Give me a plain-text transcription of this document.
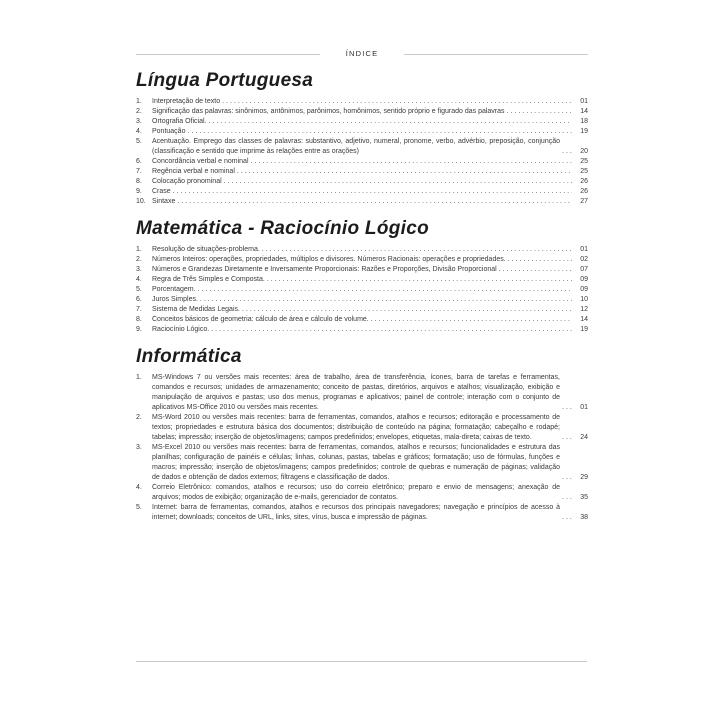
ÍNDICE
Língua Portuguesa
1.	Interpretação de texto .....	01
2.	Significação das palavras: sinônimos, antônimos, parônimos, homônimos, sentido próprio e figurado das palavras .....	14
3.	Ortografia Oficial. .....	18
4.	Pontuação .....	19
5.	Acentuação. Emprego das classes de palavras: substantivo, adjetivo, numeral, pronome, verbo, advérbio, preposição, conjunção (classificação e sentido que imprime às relações entre as orações) .....	20
6.	Concordância verbal e nominal .....	25
7.	Regência verbal e nominal .....	25
8.	Colocação pronominal .....	26
9.	Crase .....	26
10. Sintaxe .....	27
Matemática - Raciocínio Lógico
1.	Resolução de situações-problema. .....	01
2.	Números Inteiros: operações, propriedades, múltiplos e divisores. Números Racionais: operações e propriedades. .....	02
3.	Números e Grandezas Diretamente e Inversamente Proporcionais: Razões e Proporções, Divisão Proporcional .....	07
4.	Regra de Três Simples e Composta. .....	09
5.	Porcentagem. .....	09
6.	Juros Simples. .....	10
7.	Sistema de Medidas Legais. .....	12
8.	Conceitos básicos de geometria: cálculo de área e cálculo de volume. .....	14
9.	Raciocínio Lógico. .....	19
Informática
1.	MS-Windows 7 ou versões mais recentes: área de trabalho, área de transferência, ícones, barra de tarefas e ferramentas, comandos e recursos; unidades de armazenamento; conceito de pastas, diretórios, arquivos e atalhos; visualização, exibição e manipulação de arquivos e pastas; uso dos menus, programas e aplicativos; painel de controle; interação com o conjunto de aplicativos MS-Office 2010 ou versões mais recentes. .....	01
2.	MS-Word 2010 ou versões mais recentes: barra de ferramentas, comandos, atalhos e recursos; editoração e processamento de textos; propriedades e estrutura básica dos documentos; distribuição de conteúdo na página; formatação; cabeçalho e rodapé; tabelas; impressão; inserção de objetos/imagens; campos predefinidos; envelopes, etiquetas, mala-direta; caixas de texto. .....	24
3.	MS-Excel 2010 ou versões mais recentes: barra de ferramentas, comandos, atalhos e recursos; funcionalidades e estrutura das planilhas; configuração de painéis e células; linhas, colunas, pastas, tabelas e gráficos; formatação; uso de fórmulas, funções e macros; impressão; inserção de objetos/imagens; campos predefinidos; controle de quebras e numeração de páginas; validação de dados e obtenção de dados externos; filtragens e classificação de dados. .....	29
4.	Correio Eletrônico: comandos, atalhos e recursos; uso do correio eletrônico; preparo e envio de mensagens; anexação de arquivos; modos de exibição; organização de e-mails, gerenciador de contatos. .....	35
5.	Internet: barra de ferramentas, comandos, atalhos e recursos dos principais navegadores; navegação e princípios de acesso à internet; downloads; conceitos de URL, links, sites, vírus, busca e impressão de páginas. .....	38
